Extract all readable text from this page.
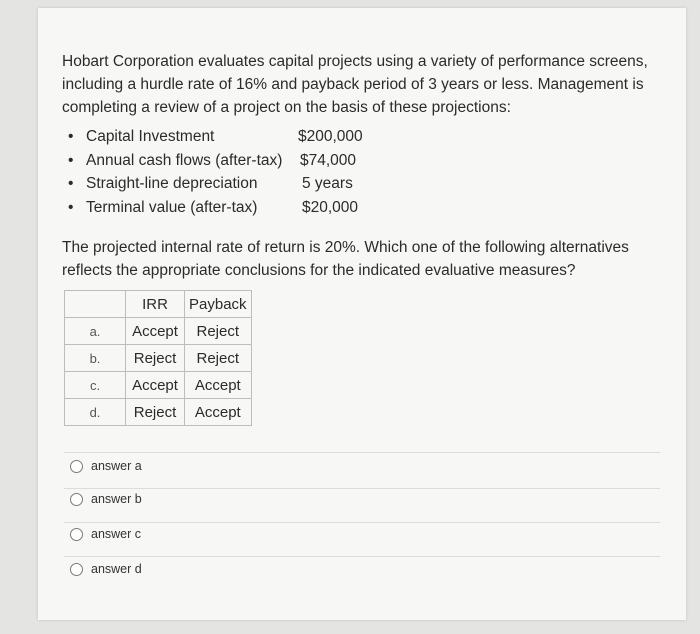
Hobart Corporation evaluates capital projects using a variety of performance screens, including a hurdle rate of 16% and payback period of 3 years or less. Management is completing a review of a project on the basis of these projections:

• Capital Investment	$200,000
• Annual cash flows (after-tax) $74,000
• Straight-line depreciation	5 years
• Terminal value (after-tax)	$20,000

The projected internal rate of return is 20%. Which one of the following alternatives reflects the appropriate conclusions for the indicated evaluative measures?

	IRR	Payback
a.	Accept	Reject
b.	Reject	Reject
c.	Accept	Accept
d.	Reject	Accept
answer a
answer b
answer c
answer d
